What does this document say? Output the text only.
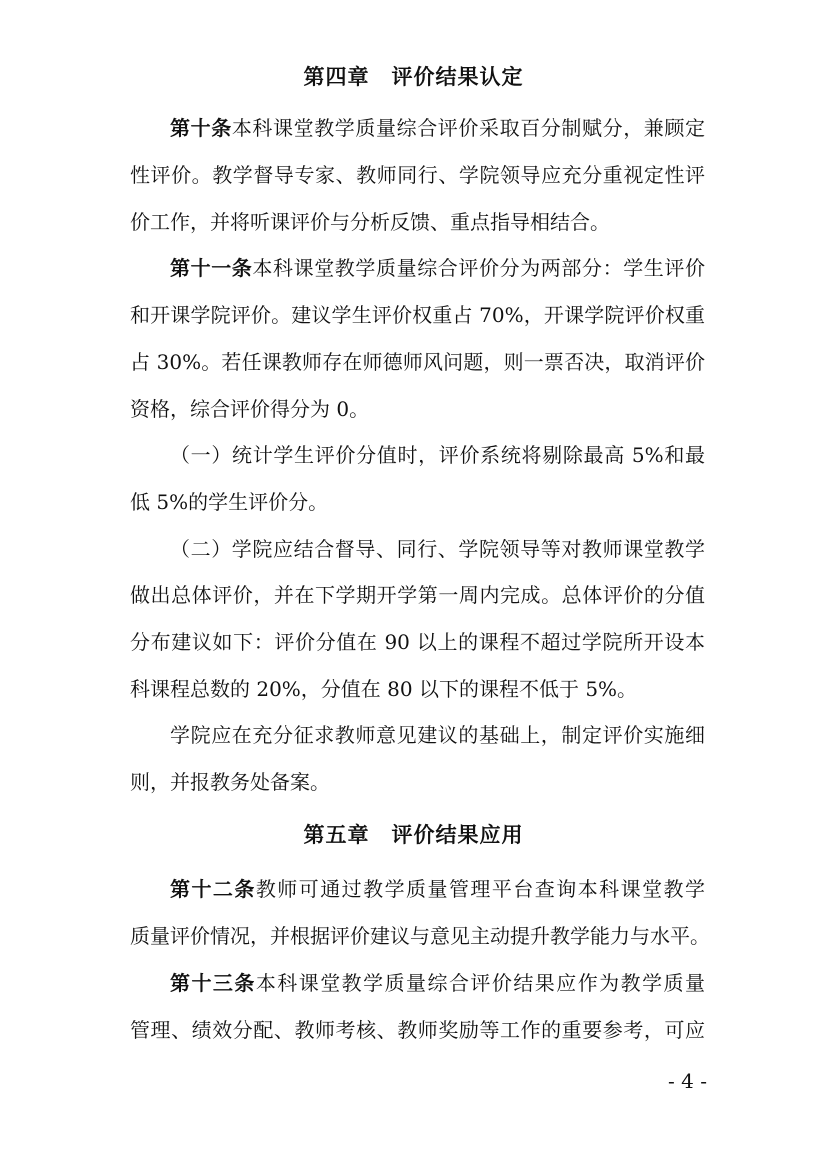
第四章　评价结果认定
第十条本科课堂教学质量综合评价采取百分制赋分，兼顾定
性评价。教学督导专家、教师同行、学院领导应充分重视定性评
价工作，并将听课评价与分析反馈、重点指导相结合。
第十一条本科课堂教学质量综合评价分为两部分：学生评价
和开课学院评价。建议学生评价权重占 70%，开课学院评价权重
占 30%。若任课教师存在师德师风问题，则一票否决，取消评价
资格，综合评价得分为 0。
（一）统计学生评价分值时，评价系统将剔除最高 5%和最
低 5%的学生评价分。
（二）学院应结合督导、同行、学院领导等对教师课堂教学
做出总体评价，并在下学期开学第一周内完成。总体评价的分值
分布建议如下：评价分值在 90 以上的课程不超过学院所开设本
科课程总数的 20%，分值在 80 以下的课程不低于 5%。
学院应在充分征求教师意见建议的基础上，制定评价实施细
则，并报教务处备案。
第五章　评价结果应用
第十二条教师可通过教学质量管理平台查询本科课堂教学
质量评价情况，并根据评价建议与意见主动提升教学能力与水平。
第十三条本科课堂教学质量综合评价结果应作为教学质量
管理、绩效分配、教师考核、教师奖励等工作的重要参考，可应
- 4 -
